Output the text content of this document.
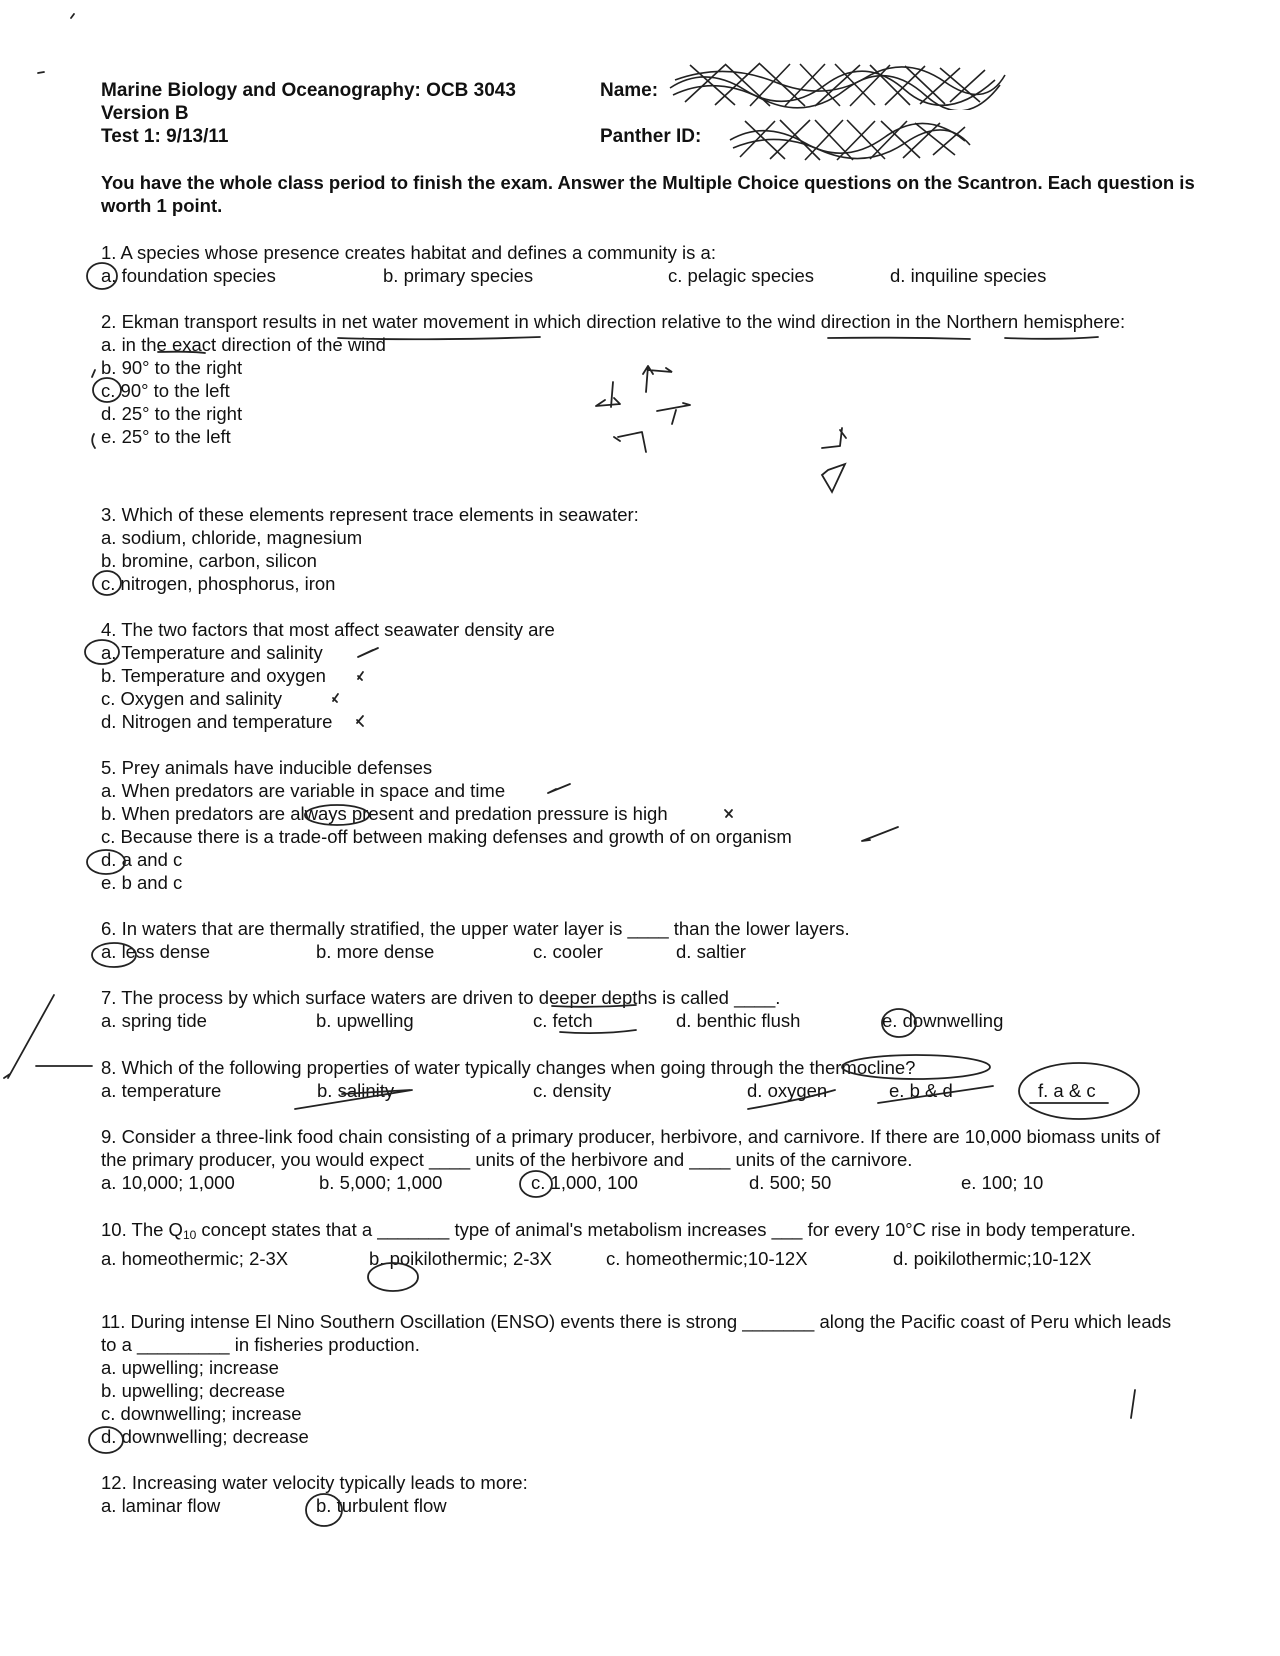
Marine Biology and Oceanography: OCB 3043
Version B
Test 1: 9/13/11
Name:
Panther ID:
You have the whole class period to finish the exam. Answer the Multiple Choice questions on the Scantron. Each question is worth 1 point.
1. A species whose presence creates habitat and defines a community is a:
a. foundation species	b. primary species	c. pelagic species	d. inquiline species
2. Ekman transport results in net water movement in which direction relative to the wind direction in the Northern hemisphere:
a. in the exact direction of the wind
b. 90° to the right
c. 90° to the left
d. 25° to the right
e. 25° to the left
3. Which of these elements represent trace elements in seawater:
a. sodium, chloride, magnesium
b. bromine, carbon, silicon
c. nitrogen, phosphorus, iron
4. The two factors that most affect seawater density are
a. Temperature and salinity
b. Temperature and oxygen
c. Oxygen and salinity
d. Nitrogen and temperature
5. Prey animals have inducible defenses
a. When predators are variable in space and time
b. When predators are always present and predation pressure is high
c. Because there is a trade-off between making defenses and growth of on organism
d. a and c
e. b and c
6. In waters that are thermally stratified, the upper water layer is ____ than the lower layers.
a. less dense	b. more dense	c. cooler	d. saltier
7. The process by which surface waters are driven to deeper depths is called ____.
a. spring tide	b. upwelling	c. fetch	d. benthic flush	e. downwelling
8. Which of the following properties of water typically changes when going through the thermocline?
a. temperature	b. salinity	c. density	d. oxygen	e. b & d	f. a & c
9. Consider a three-link food chain consisting of a primary producer, herbivore, and carnivore. If there are 10,000 biomass units of the primary producer, you would expect ____ units of the herbivore and ____ units of the carnivore.
a. 10,000; 1,000	b. 5,000; 1,000	c. 1,000, 100	d. 500; 50	e. 100; 10
10. The $Q_{10}$ concept states that a _______ type of animal's metabolism increases ___ for every 10°C rise in body temperature.
a. homeothermic; 2-3X	b. poikilothermic; 2-3X	c. homeothermic;10-12X	d. poikilothermic;10-12X
11. During intense El Nino Southern Oscillation (ENSO) events there is strong _______ along the Pacific coast of Peru which leads to a _________ in fisheries production.
a. upwelling; increase
b. upwelling; decrease
c. downwelling; increase
d. downwelling; decrease
12. Increasing water velocity typically leads to more:
a. laminar flow	b. turbulent flow
